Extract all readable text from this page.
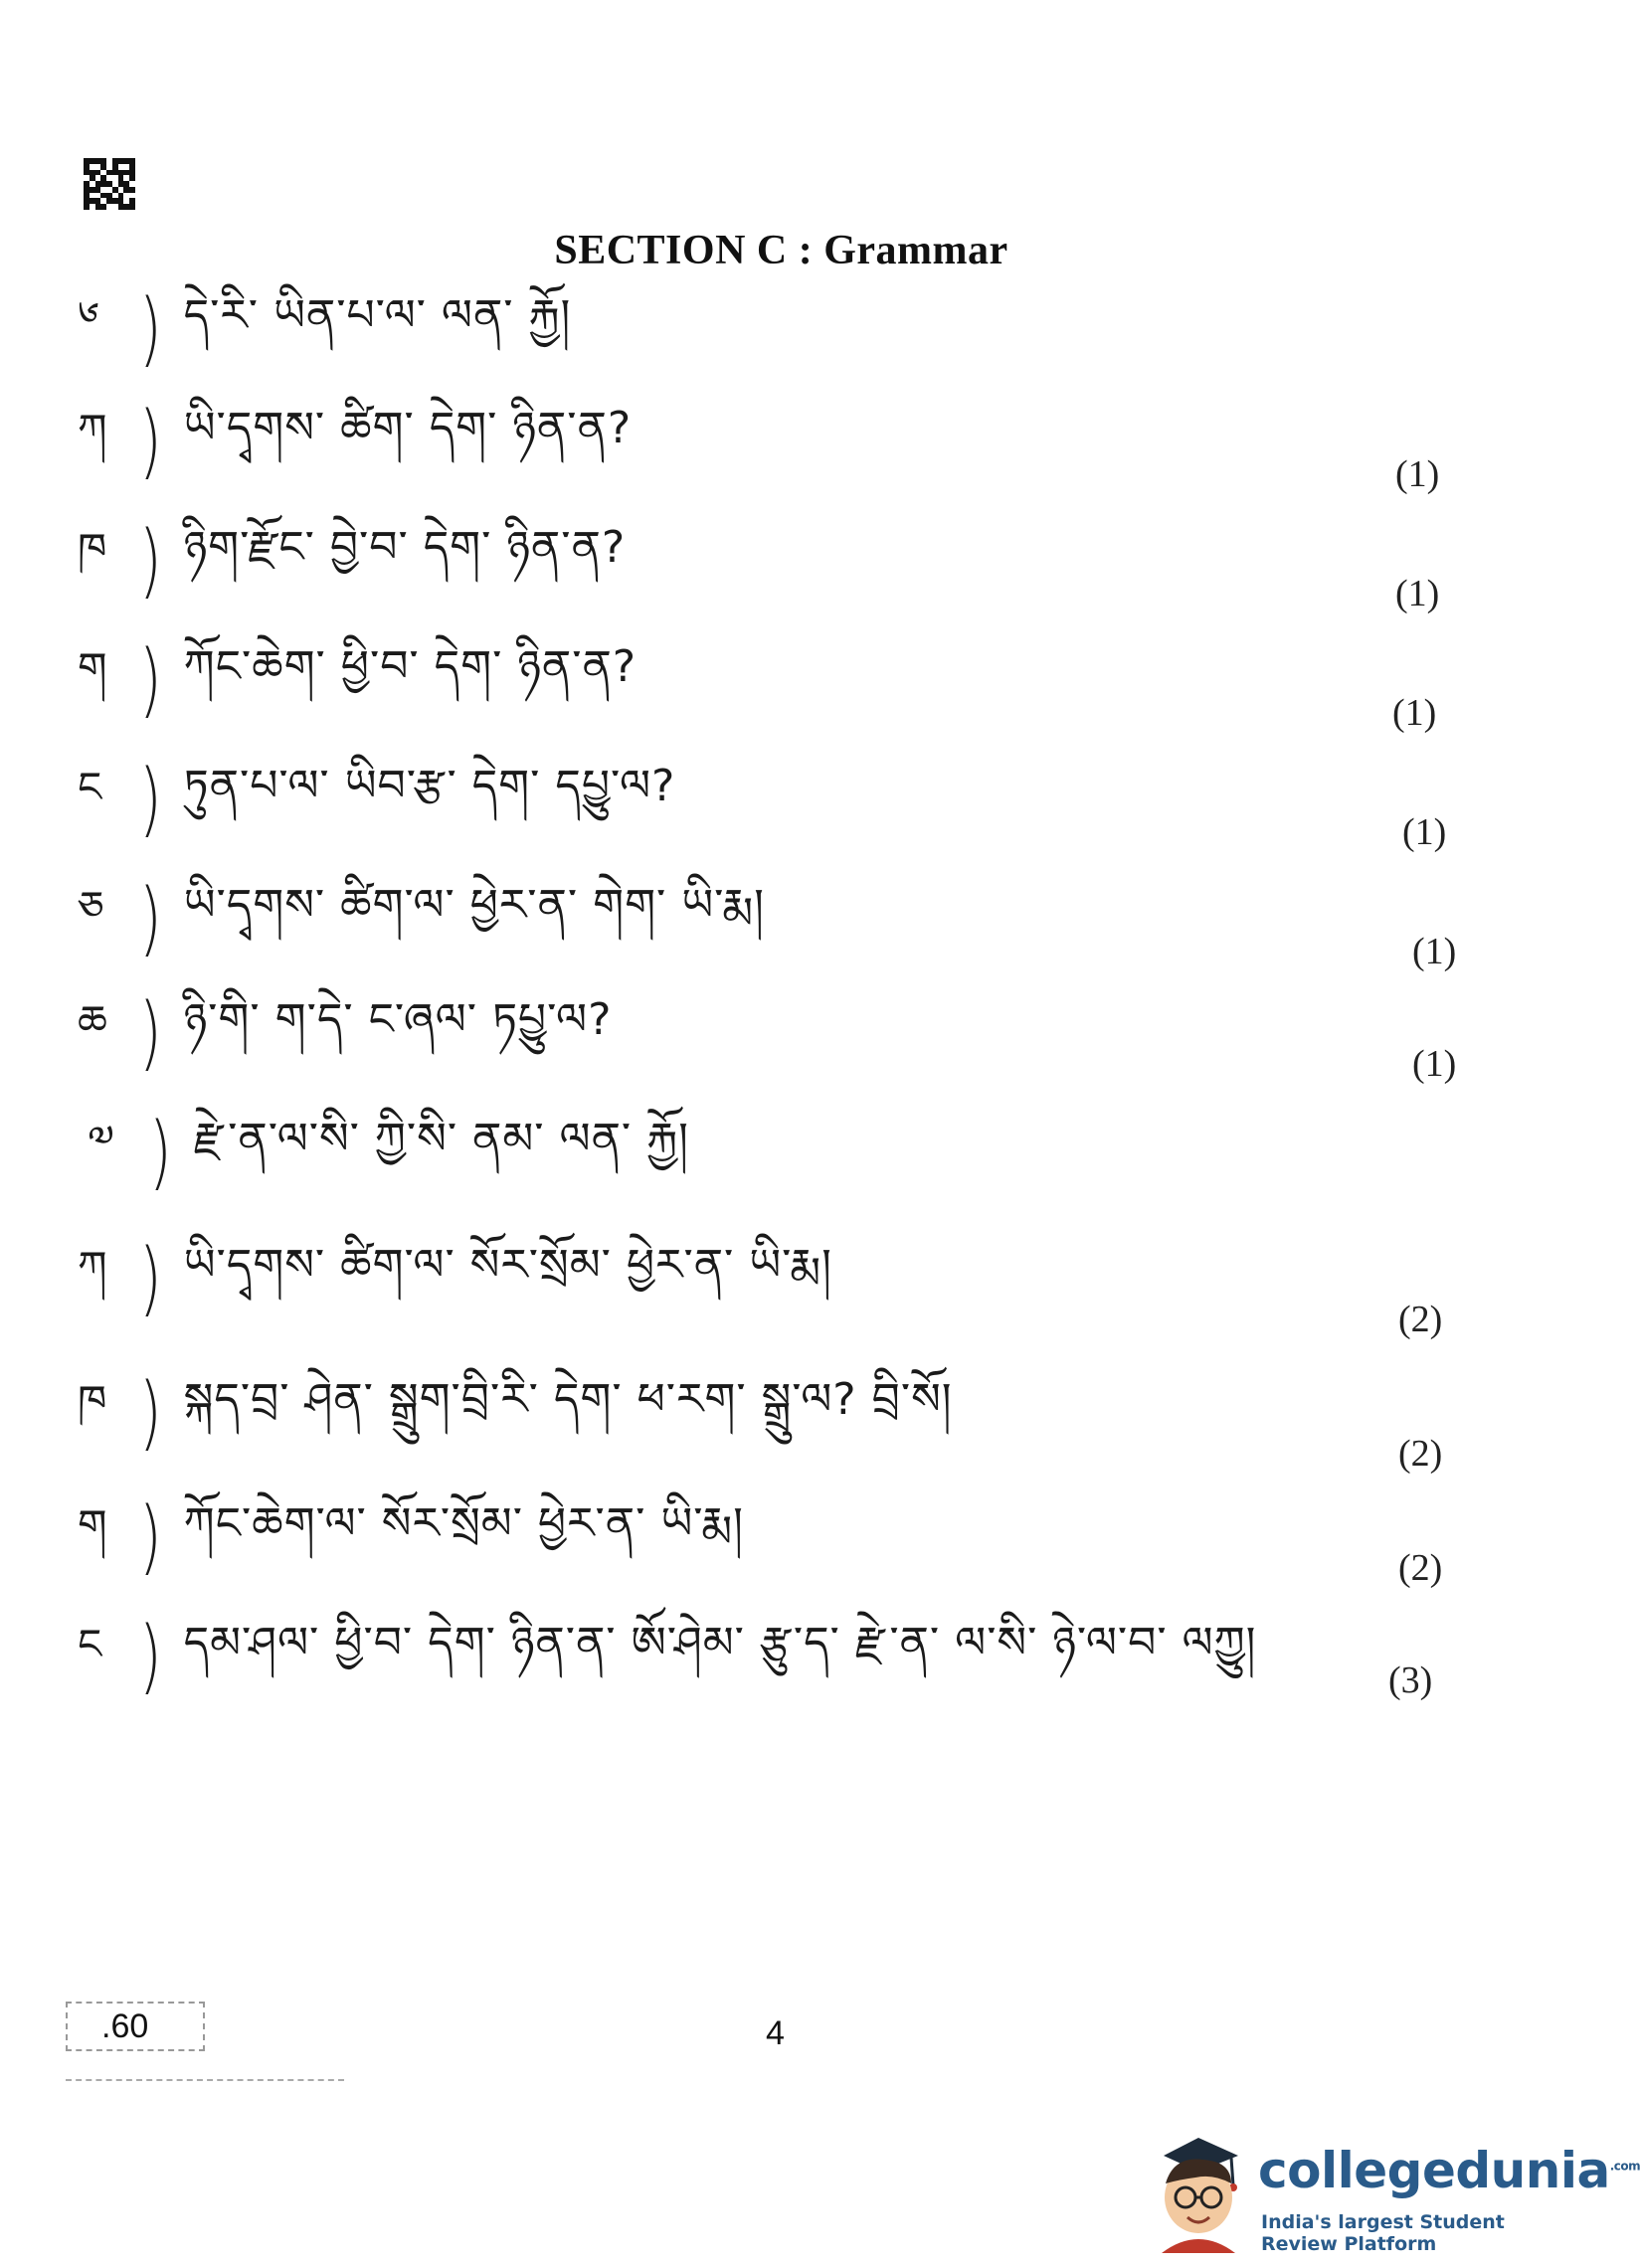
SECTION C : Grammar
༦ ) དེ་རི་ ཡིན་པ་ལ་ ལན་ རྐྱོ།
ཀ ) ཡི་དྭགས་ ཚིག་ དེག་ ཉིན་ན?
(1)
ཁ ) ཉིག་རྫོང་ བྱེ་བ་ དེག་ ཉིན་ན?
(1)
ག ) ཀོང་ཆེག་ ཕྱི་བ་ དེག་ ཉིན་ན?
(1)
ང ) ཏུན་པ་ལ་ ཡིབ་རྩ་ དེག་ དཔྱུ་ལ?
(1)
ཅ ) ཡི་དྭགས་ ཚིག་ལ་ ཕྱེར་ན་ གེག་ ཡི་རྨ།
(1)
ཆ ) ཉི་གི་ ག་དེ་ ང་ཞལ་ ཏཔྱུ་ལ?
(1)
༧ ) རྫེ་ན་ལ་སི་ ཀྱི་སི་ ནམ་ ལན་ རྐྱོ།
ཀ ) ཡི་དྭགས་ ཚིག་ལ་ སོར་སྲོམ་ ཕྱེར་ན་ ཡི་རྨ།
(2)
ཁ ) སྐད་བྲ་ ཤེན་ སྒྲུག་བྲི་རི་ དེག་ ཕ་རག་ སྒྲུ་ལ? བྲི་སོ།
(2)
ག ) ཀོང་ཆེག་ལ་ སོར་སྲོམ་ ཕྱེར་ན་ ཡི་རྨ།
(2)
ང ) དམ་ཤལ་ ཕྱི་བ་ དེག་ ཉིན་ན་ ཨོ་ཤེམ་ རྩུ་ད་ རྫེ་ན་ ལ་སི་ ཉེ་ལ་བ་ ལཀྱུ།
(3)
.60	4
collegedunia$^{.com}$
India's largest Student Review Platform
